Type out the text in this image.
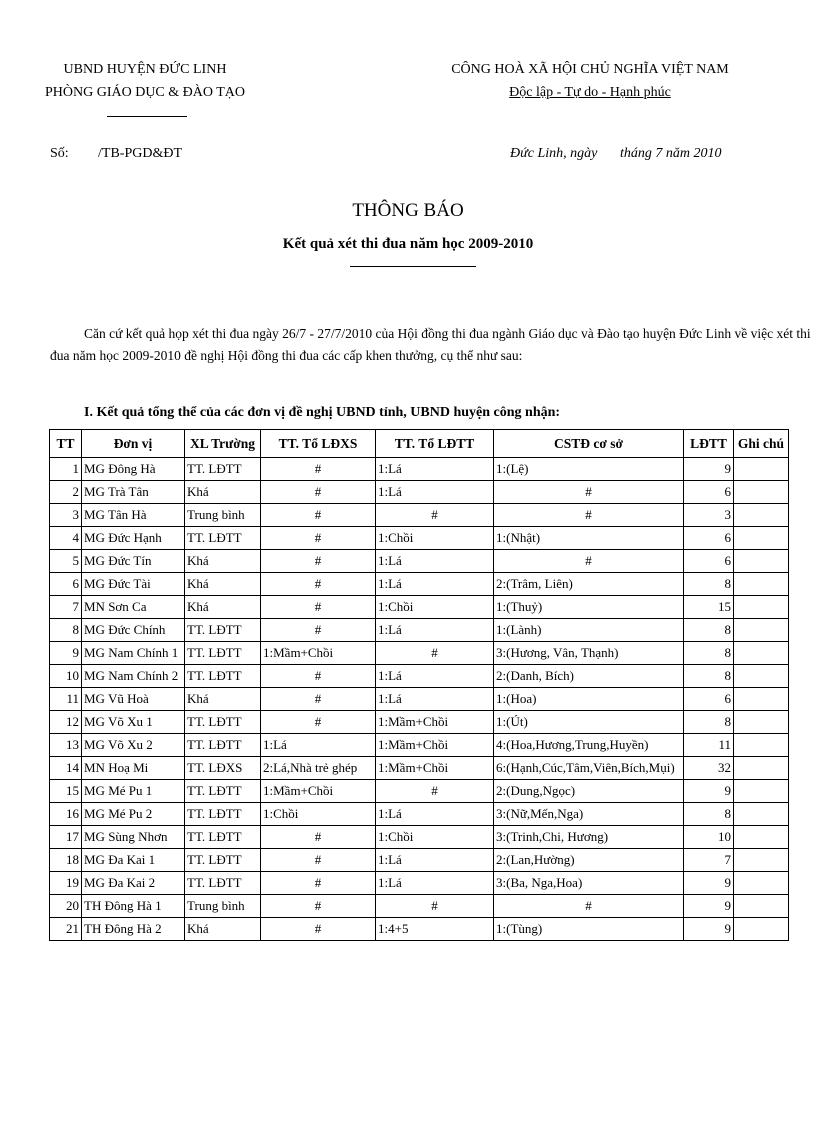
UBND HUYỆN ĐỨC LINH
PHÒNG GIÁO DỤC & ĐÀO TẠO
CÔNG HOÀ XÃ HỘI CHỦ NGHĨA VIỆT NAM
Độc lập - Tự do - Hạnh phúc
Số: /TB-PGD&ĐT	Đức Linh, ngày tháng 7 năm 2010
THÔNG BÁO
Kết quả xét thi đua năm học 2009-2010
Căn cứ kết quả họp xét thi đua ngày 26/7 - 27/7/2010 của Hội đồng thi đua ngành Giáo dục và Đào tạo huyện Đức Linh về việc xét thi
đua năm học 2009-2010 đề nghị Hội đồng thi đua các cấp khen thưởng, cụ thể như sau:
I. Kết quả tổng thể của các đơn vị đề nghị UBND tỉnh, UBND huyện công nhận:
TT	Đơn vị	XL Trường	TT. Tổ LĐXS	TT. Tổ LĐTT	CSTĐ cơ sở	LĐTT	Ghi chú
1	MG Đông Hà	TT. LĐTT	#	1:Lá	1:(Lệ)	9	
2	MG Trà Tân	Khá	#	1:Lá	#	6	
3	MG Tân Hà	Trung bình	#	#	#	3	
4	MG Đức Hạnh	TT. LĐTT	#	1:Chồi	1:(Nhật)	6	
5	MG Đức Tín	Khá	#	1:Lá	#	6	
6	MG Đức Tài	Khá	#	1:Lá	2:(Trâm, Liên)	8	
7	MN Sơn Ca	Khá	#	1:Chồi	1:(Thuỷ)	15	
8	MG Đức Chính	TT. LĐTT	#	1:Lá	1:(Lành)	8	
9	MG Nam Chính 1	TT. LĐTT	1:Mầm+Chồi	#	3:(Hương, Vân, Thạnh)	8	
10	MG Nam Chính 2	TT. LĐTT	#	1:Lá	2:(Danh, Bích)	8	
11	MG Vũ Hoà	Khá	#	1:Lá	1:(Hoa)	6	
12	MG Võ Xu 1	TT. LĐTT	#	1:Mầm+Chồi	1:(Út)	8	
13	MG Võ Xu 2	TT. LĐTT	1:Lá	1:Mầm+Chồi	4:(Hoa,Hương,Trung,Huyền)	11	
14	MN Hoạ Mi	TT. LĐXS	2:Lá,Nhà trẻ ghép	1:Mầm+Chồi	6:(Hạnh,Cúc,Tâm,Viên,Bích,Mụi)	32	
15	MG Mé Pu 1	TT. LĐTT	1:Mầm+Chồi	#	2:(Dung,Ngọc)	9	
16	MG Mé Pu 2	TT. LĐTT	1:Chồi	1:Lá	3:(Nữ,Mến,Nga)	8	
17	MG Sùng Nhơn	TT. LĐTT	#	1:Chồi	3:(Trinh,Chi, Hương)	10	
18	MG Đa Kai 1	TT. LĐTT	#	1:Lá	2:(Lan,Hường)	7	
19	MG Đa Kai 2	TT. LĐTT	#	1:Lá	3:(Ba, Nga,Hoa)	9	
20	TH Đông Hà 1	Trung bình	#	#	#	9	
21	TH Đông Hà 2	Khá	#	1:4+5	1:(Tùng)	9	
